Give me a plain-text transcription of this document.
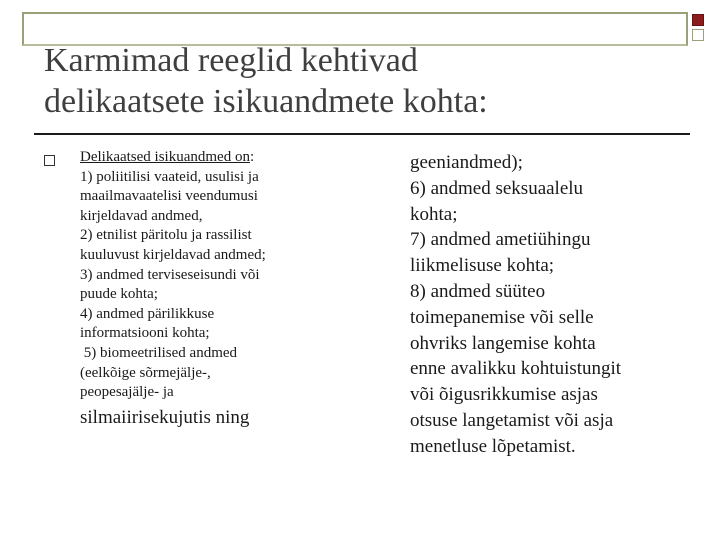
Karmimad reeglid kehtivad
delikaatsete isikuandmete kohta:
Delikaatsed isikuandmed on:
1) poliitilisi vaateid, usulisi ja
maailmavaatelisi veendumusi
kirjeldavad andmed,
2) etnilist päritolu ja rassilist
kuuluvust kirjeldavad andmed;
3) andmed terviseseisundi või
puude kohta;
4) andmed pärilikkuse
informatsiooni kohta;
5) biomeetrilised andmed
(eelkõige sõrmejälje-,
peopesajälje- ja
silmaiirisekujutis ning
geeniandmed);
6) andmed seksuaalelu
kohta;
7) andmed ametiühingu
liikmelisuse kohta;
8) andmed süüteo
toimepanemise või selle
ohvriks langemise kohta
enne avalikku kohtuistungit
või õigusrikkumise asjas
otsuse langetamist või asja
menetluse lõpetamist.
